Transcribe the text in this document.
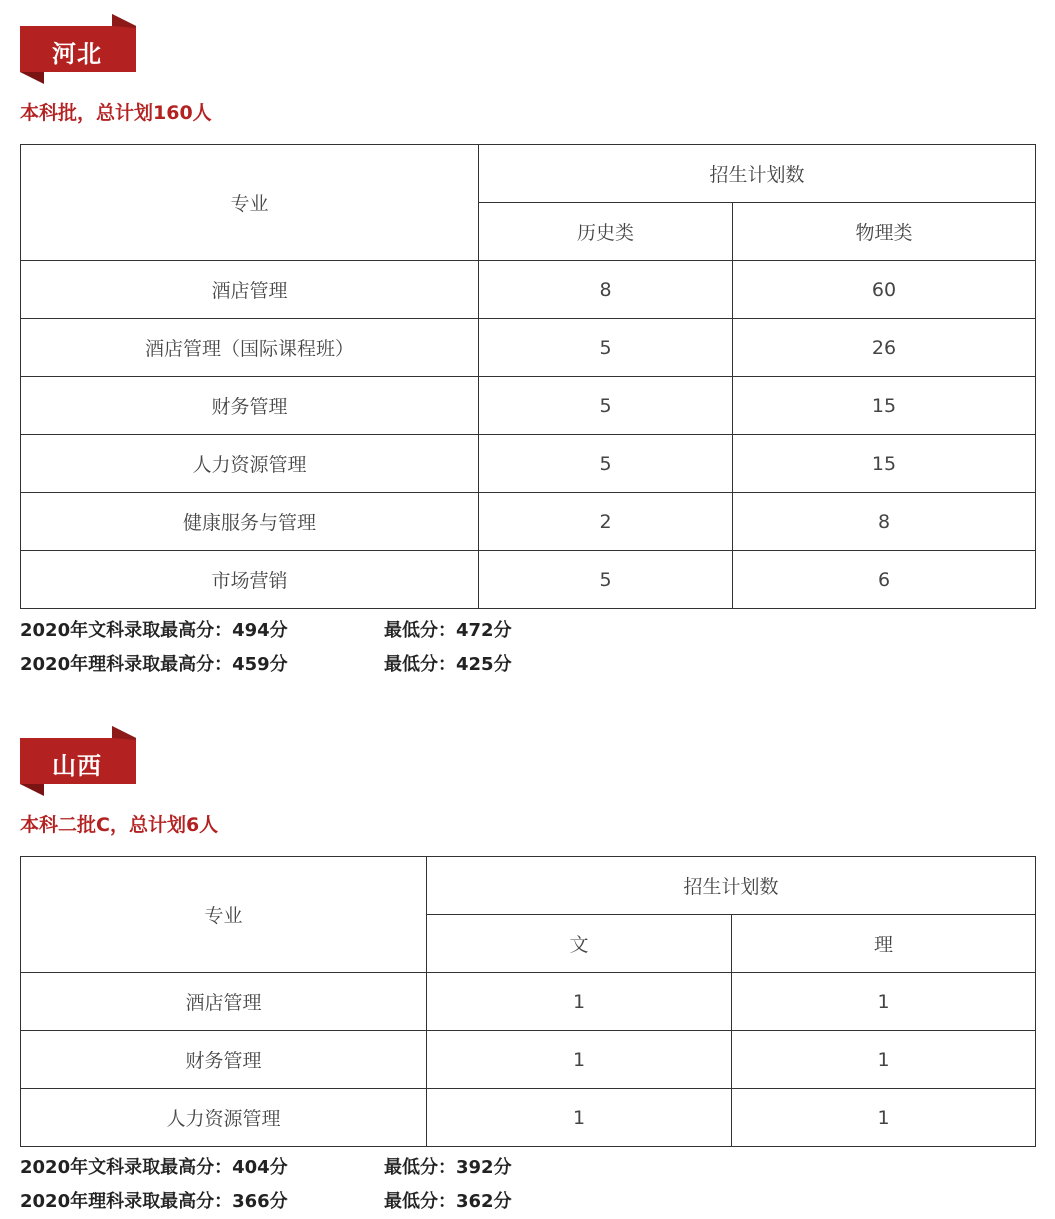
河北
本科批，总计划160人
专业	招生计划数	
	历史类	物理类
酒店管理	8	60
酒店管理（国际课程班）	5	26
财务管理	5	15
人力资源管理	5	15
健康服务与管理	2	8
市场营销	5	6
2020年文科录取最高分：494分	最低分：472分
2020年理科录取最高分：459分	最低分：425分
山西
本科二批C，总计划6人
专业	招生计划数	
	文	理
酒店管理	1	1
财务管理	1	1
人力资源管理	1	1
2020年文科录取最高分：404分	最低分：392分
2020年理科录取最高分：366分	最低分：362分
